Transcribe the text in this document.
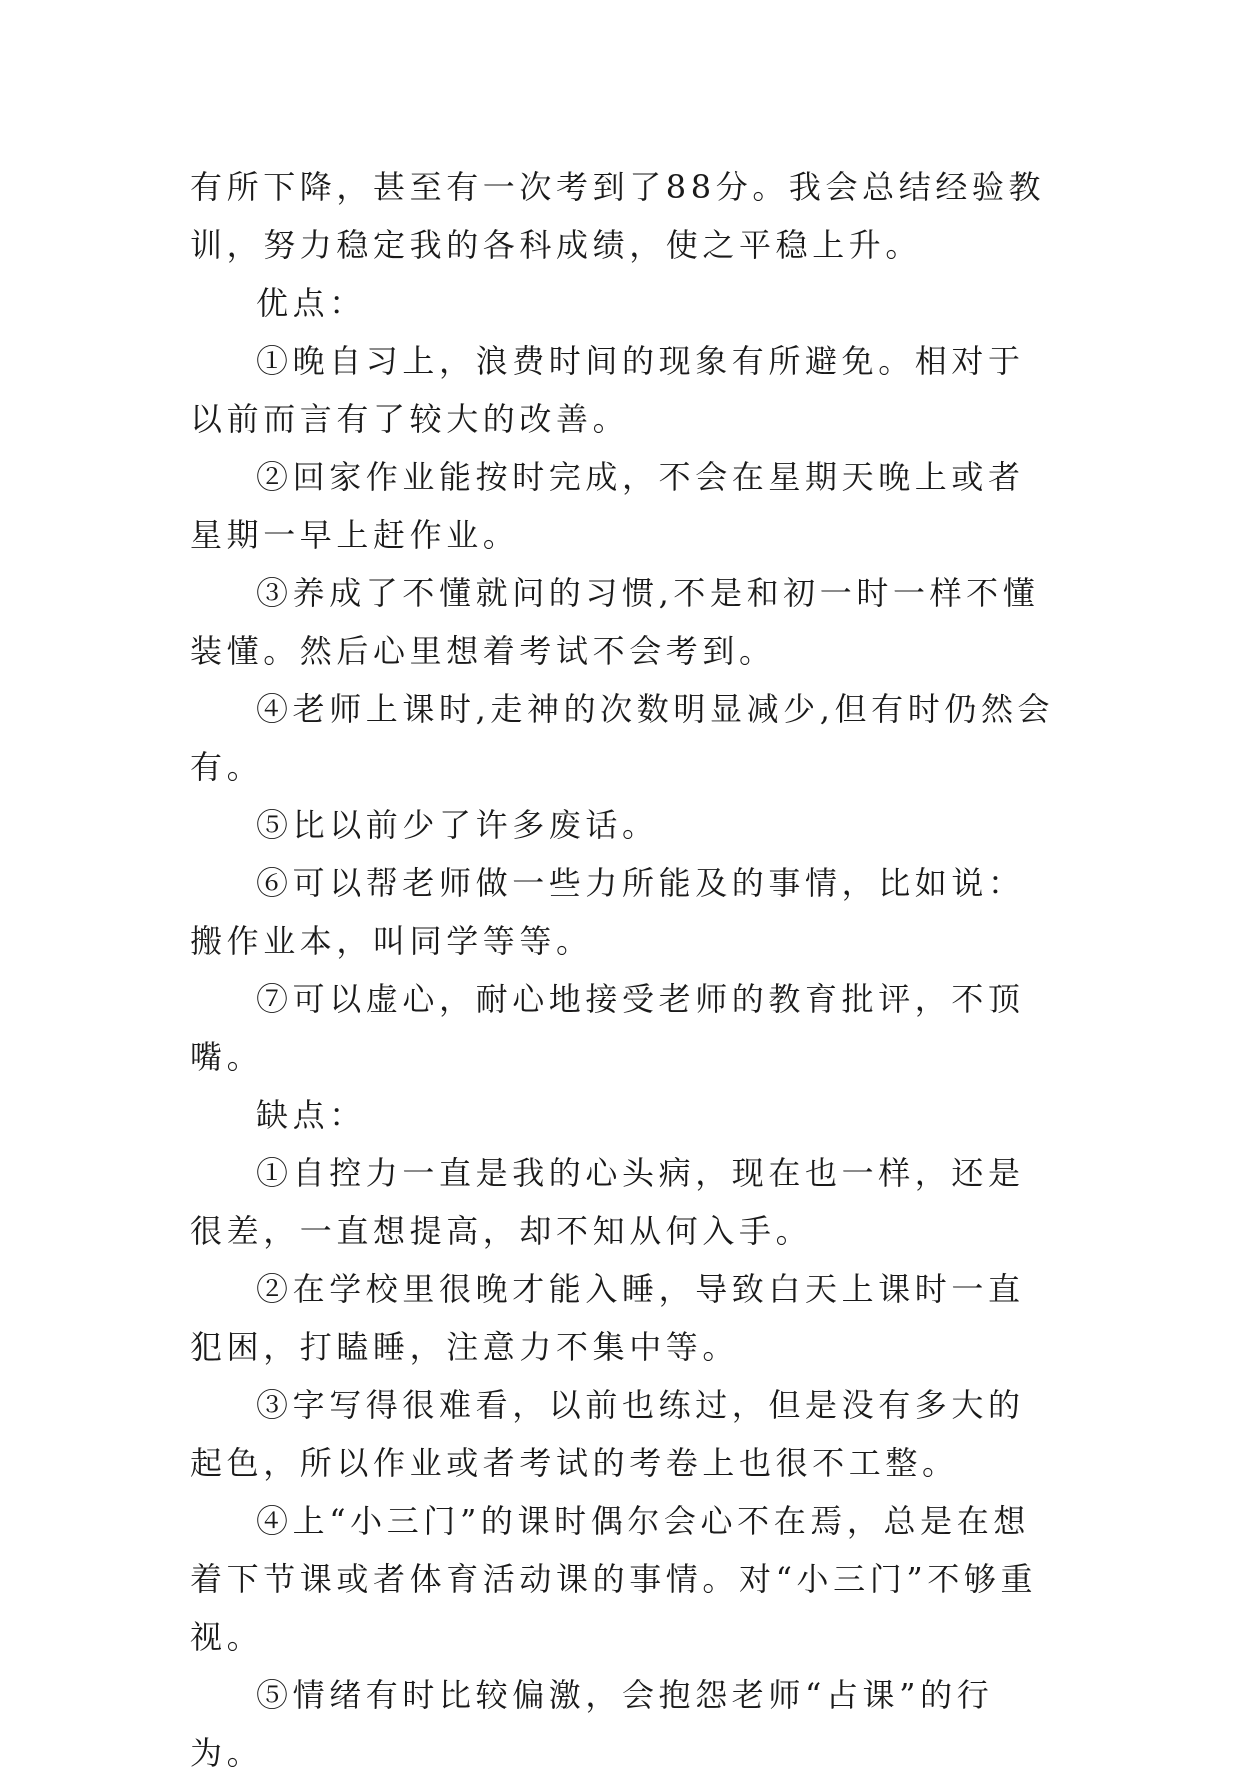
有所下降，甚至有一次考到了88分。我会总结经验教训，努力稳定我的各科成绩，使之平稳上升。

优点：

①晚自习上，浪费时间的现象有所避免。相对于以前而言有了较大的改善。

②回家作业能按时完成，不会在星期天晚上或者星期一早上赶作业。

③养成了不懂就问的习惯,不是和初一时一样不懂装懂。然后心里想着考试不会考到。

④老师上课时,走神的次数明显减少,但有时仍然会有。

⑤比以前少了许多废话。

⑥可以帮老师做一些力所能及的事情，比如说：搬作业本，叫同学等等。

⑦可以虚心，耐心地接受老师的教育批评，不顶嘴。

缺点：

①自控力一直是我的心头病，现在也一样，还是很差，一直想提高，却不知从何入手。

②在学校里很晚才能入睡，导致白天上课时一直犯困，打瞌睡，注意力不集中等。

③字写得很难看，以前也练过，但是没有多大的起色，所以作业或者考试的考卷上也很不工整。

④上“小三门”的课时偶尔会心不在焉，总是在想着下节课或者体育活动课的事情。对“小三门”不够重视。

⑤情绪有时比较偏激，会抱怨老师“占课”的行为。
